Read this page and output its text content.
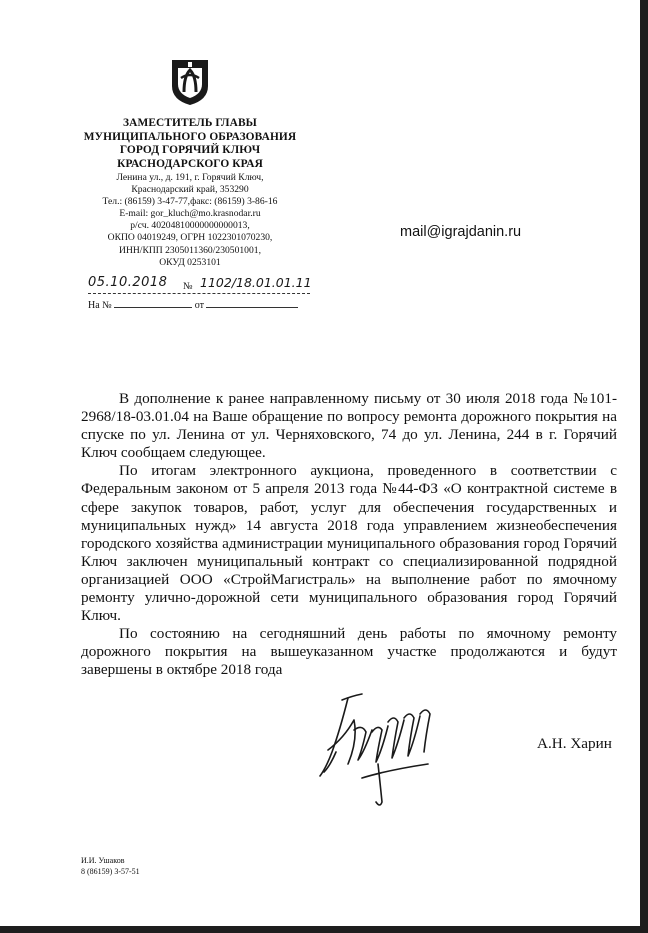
ЗАМЕСТИТЕЛЬ ГЛАВЫ
МУНИЦИПАЛЬНОГО ОБРАЗОВАНИЯ
ГОРОД ГОРЯЧИЙ КЛЮЧ
КРАСНОДАРСКОГО КРАЯ
Ленина ул., д. 191, г. Горячий Ключ,
Краснодарский край, 353290
Тел.: (86159) 3-47-77,факс: (86159) 3-86-16
E-mail: gor_kluch@mo.krasnodar.ru
р/сч. 40204810000000000013,
ОКПО 04019249, ОГРН 1022301070230,
ИНН/КПП 2305011360/230501001,
ОКУД 0253101
05.10.2018 № 1102/18.01.01.11
На №	от
mail@igrajdanin.ru

В дополнение к ранее направленному письму от 30 июля 2018 года №101-2968/18-03.01.04 на Ваше обращение по вопросу ремонта дорожного покрытия на спуске по ул. Ленина от ул. Черняховского, 74 до ул. Ленина, 244 в г. Горячий Ключ сообщаем следующее.

По итогам электронного аукциона, проведенного в соответствии с Федеральным законом от 5 апреля 2013 года №44-ФЗ «О контрактной системе в сфере закупок товаров, работ, услуг для обеспечения государственных и муниципальных нужд» 14 августа 2018 года управлением жизнеобеспечения городского хозяйства администрации муниципального образования город Горячий Ключ заключен муниципальный контракт со специализированной подрядной организацией ООО «СтройМагистраль» на выполнение работ по ямочному ремонту улично-дорожной сети муниципального образования город Горячий Ключ.

По состоянию на сегодняшний день работы по ямочному ремонту дорожного покрытия на вышеуказанном участке продолжаются и будут завершены в октябре 2018 года

А.Н. Харин
И.И. Ушаков
8 (86159) 3-57-51
